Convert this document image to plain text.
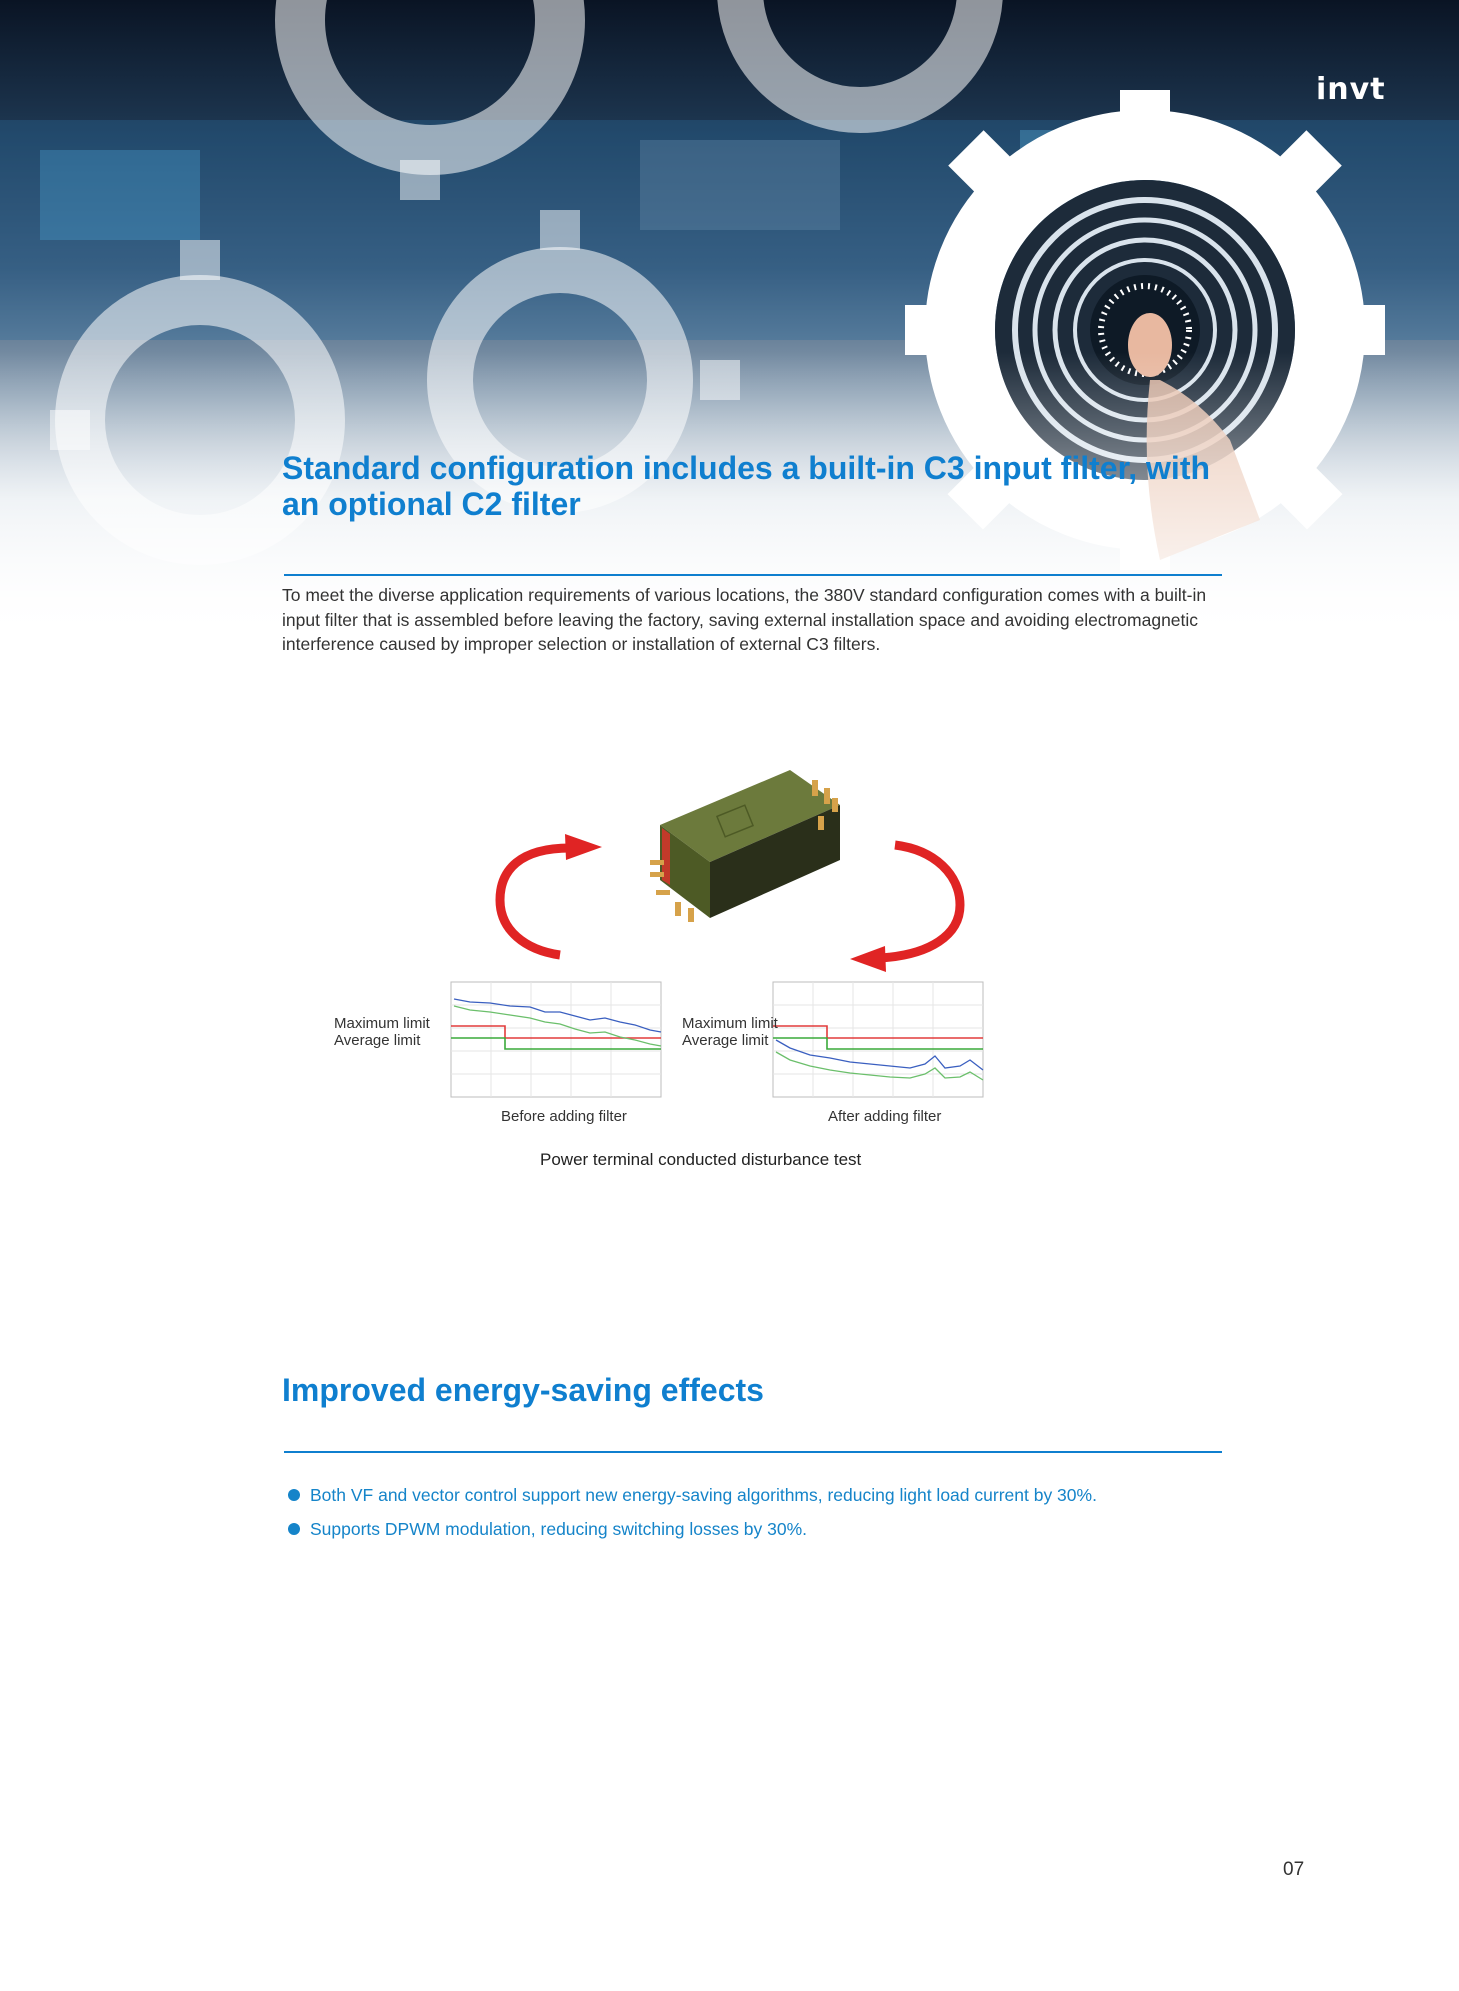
invt
Standard configuration includes a built-in C3 input filter, with
an optional C2 filter

To meet the diverse application requirements of various locations, the 380V standard configuration comes with a built-in input filter that is assembled before leaving the factory, saving external installation space and avoiding electromagnetic interference caused by improper selection or installation of external C3 filters.

Maximum limit
Average limit
Maximum limit
Average limit
Before adding filter	After adding filter
Power terminal conducted disturbance test
Improved energy-saving effects
Both VF and vector control support new energy-saving algorithms, reducing light load current by 30%.
Supports DPWM modulation, reducing switching losses by 30%.
07
